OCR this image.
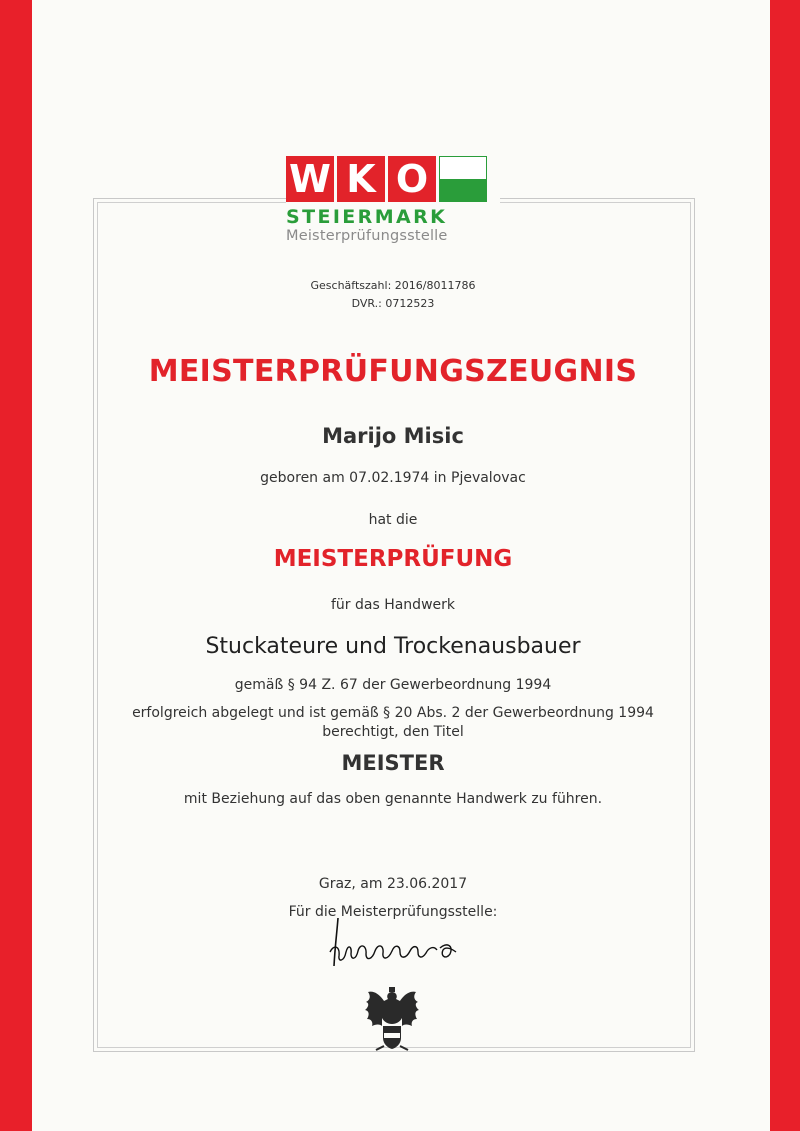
W K O
STEIERMARK
Meisterprüfungsstelle
Geschäftszahl: 2016/8011786
DVR.: 0712523
MEISTERPRÜFUNGSZEUGNIS
Marijo Misic
geboren am 07.02.1974 in Pjevalovac
hat die
MEISTERPRÜFUNG
für das Handwerk
Stuckateure und Trockenausbauer
gemäß § 94 Z. 67 der Gewerbeordnung 1994
erfolgreich abgelegt und ist gemäß § 20 Abs. 2 der Gewerbeordnung 1994
berechtigt, den Titel
MEISTER
mit Beziehung auf das oben genannte Handwerk zu führen.
Graz, am 23.06.2017
Für die Meisterprüfungsstelle:
